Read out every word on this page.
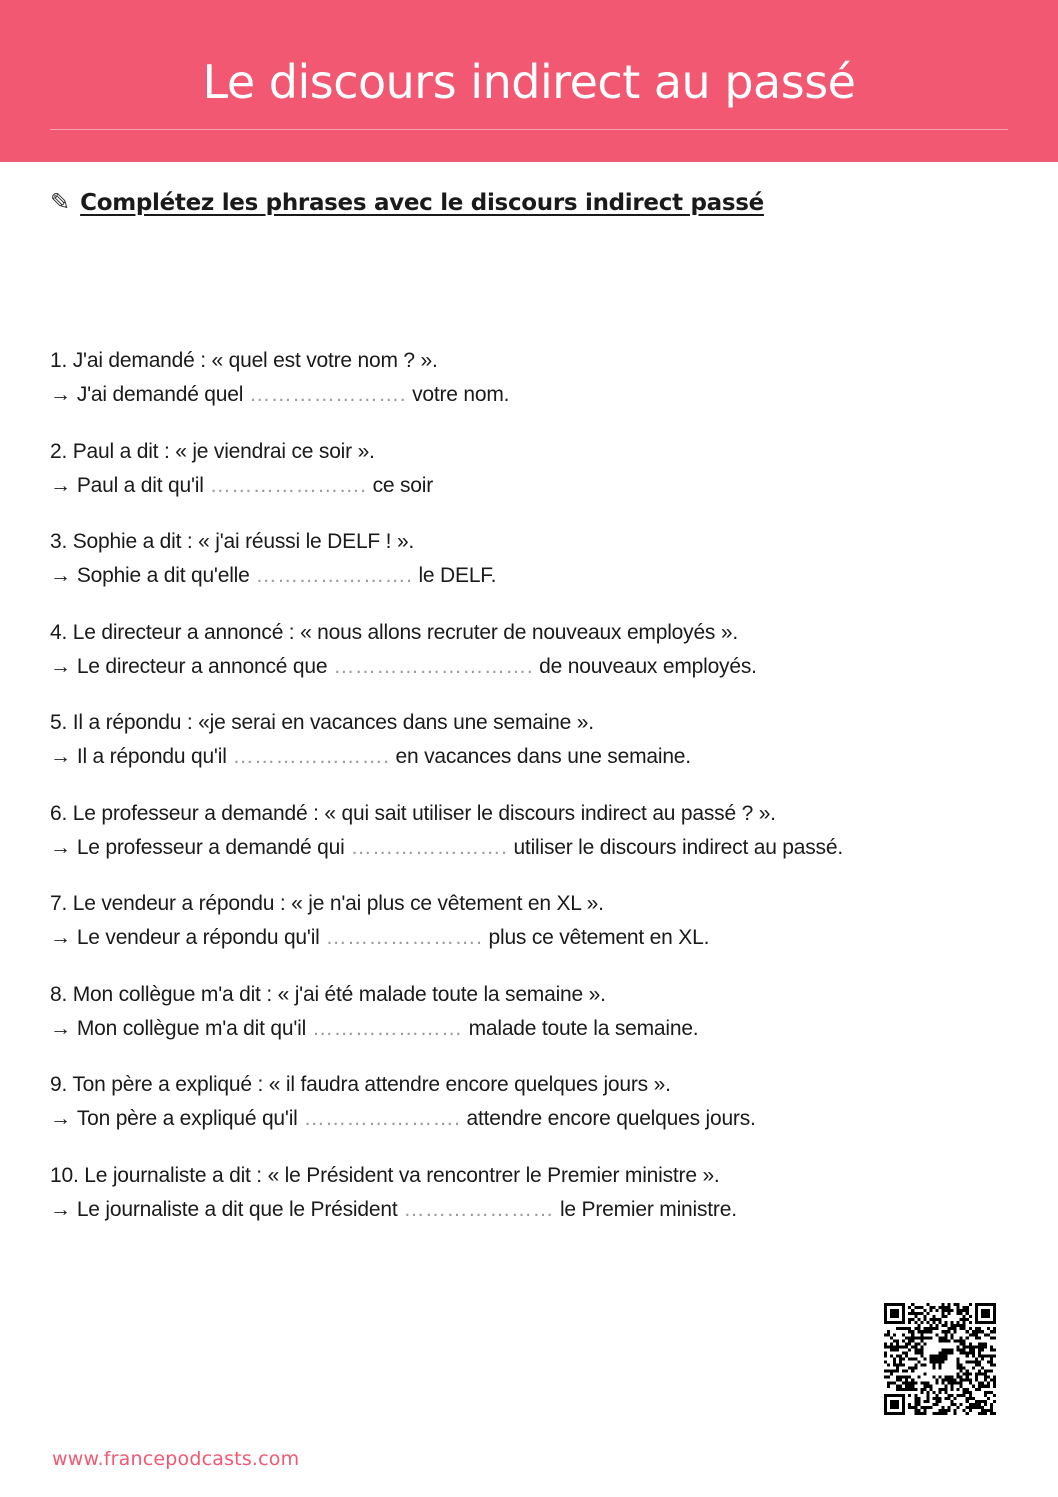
Le discours indirect au passé
✎ Complétez les phrases avec le discours indirect passé
1. J'ai demandé : « quel est votre nom ? ».
→ J'ai demandé quel …………………. votre nom.
2. Paul a dit : « je viendrai ce soir ».
→ Paul a dit qu'il …………………. ce soir
3. Sophie a dit : « j'ai réussi le DELF ! ».
→ Sophie a dit qu'elle …………………. le DELF.
4. Le directeur a annoncé : « nous allons recruter de nouveaux employés ».
→ Le directeur a annoncé que ………………………. de nouveaux employés.
5. Il a répondu : «je serai en vacances dans une semaine ».
→ Il a répondu qu'il …………………. en vacances dans une semaine.
6. Le professeur a demandé : « qui sait utiliser le discours indirect au passé ? ».
→ Le professeur a demandé qui …………………. utiliser le discours indirect au passé.
7. Le vendeur a répondu : « je n'ai plus ce vêtement en XL ».
→ Le vendeur a répondu qu'il …………………. plus ce vêtement en XL.
8. Mon collègue m'a dit : « j'ai été malade toute la semaine ».
→ Mon collègue m'a dit qu'il ………………… malade toute la semaine.
9. Ton père a expliqué : « il faudra attendre encore quelques jours ».
→ Ton père a expliqué qu'il …………………. attendre encore quelques jours.
10. Le journaliste a dit : « le Président va rencontrer le Premier ministre ».
→ Le journaliste a dit que le Président ………………… le Premier ministre.
www.francepodcasts.com
